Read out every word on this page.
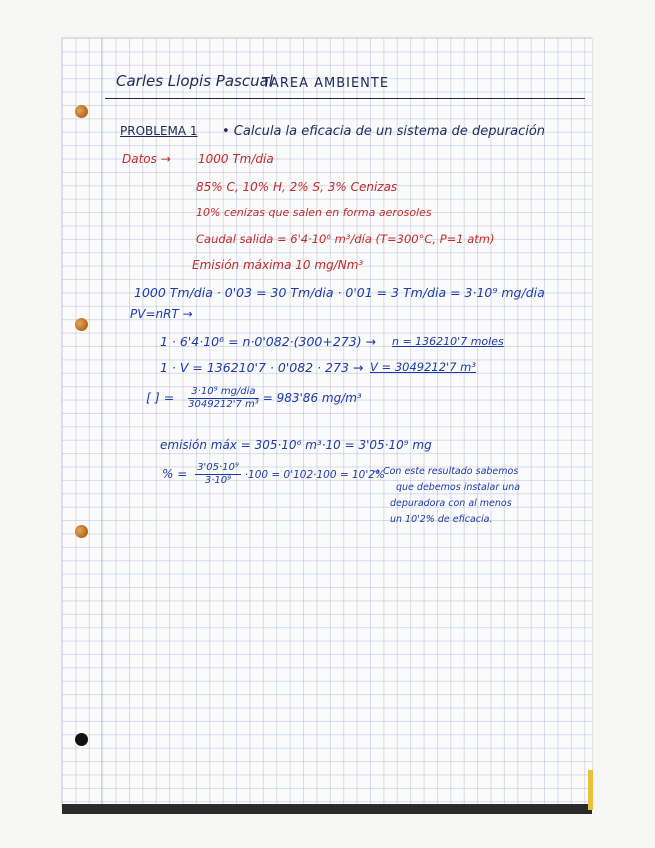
Carles Llopis Pascual
TAREA AMBIENTE
PROBLEMA 1 • Calcula la eficacia de un sistema de depuración
Datos → 1000 Tm/dia
85% C, 10% H, 2% S, 3% Cenizas
10% cenizas que salen en forma aerosoles
Caudal salida = 6'4·10⁶ m³/día (T=300°C, P=1 atm)
Emisión máxima 10 mg/Nm³
1000 Tm/dia · 0'03 = 30 Tm/dia · 0'01 = 3 Tm/dia = 3·10⁹ mg/dia
PV=nRT →
1 · 6'4·10⁶ = n·0'082·(300+273) → n = 136210'7 moles
1 · V = 136210'7 · 0'082 · 273 → V = 3049212'7 m³
[ ] = $\frac{\text{3·10⁹ mg/dia}}{\text{3049212'7 m³}} = 983'86$ mg/m³
emisión máx = 305·10⁶ m³·10 = 3'05·10⁹ mg
% = $\frac{\text{3'05·10⁹}}{\text{3·10⁹}} \cdot 100 = 0'102\cdot 100 = 10'2\%$
→ Con este resultado sabemos
que debemos instalar una
depuradora con al menos
un 10'2% de eficacia.
